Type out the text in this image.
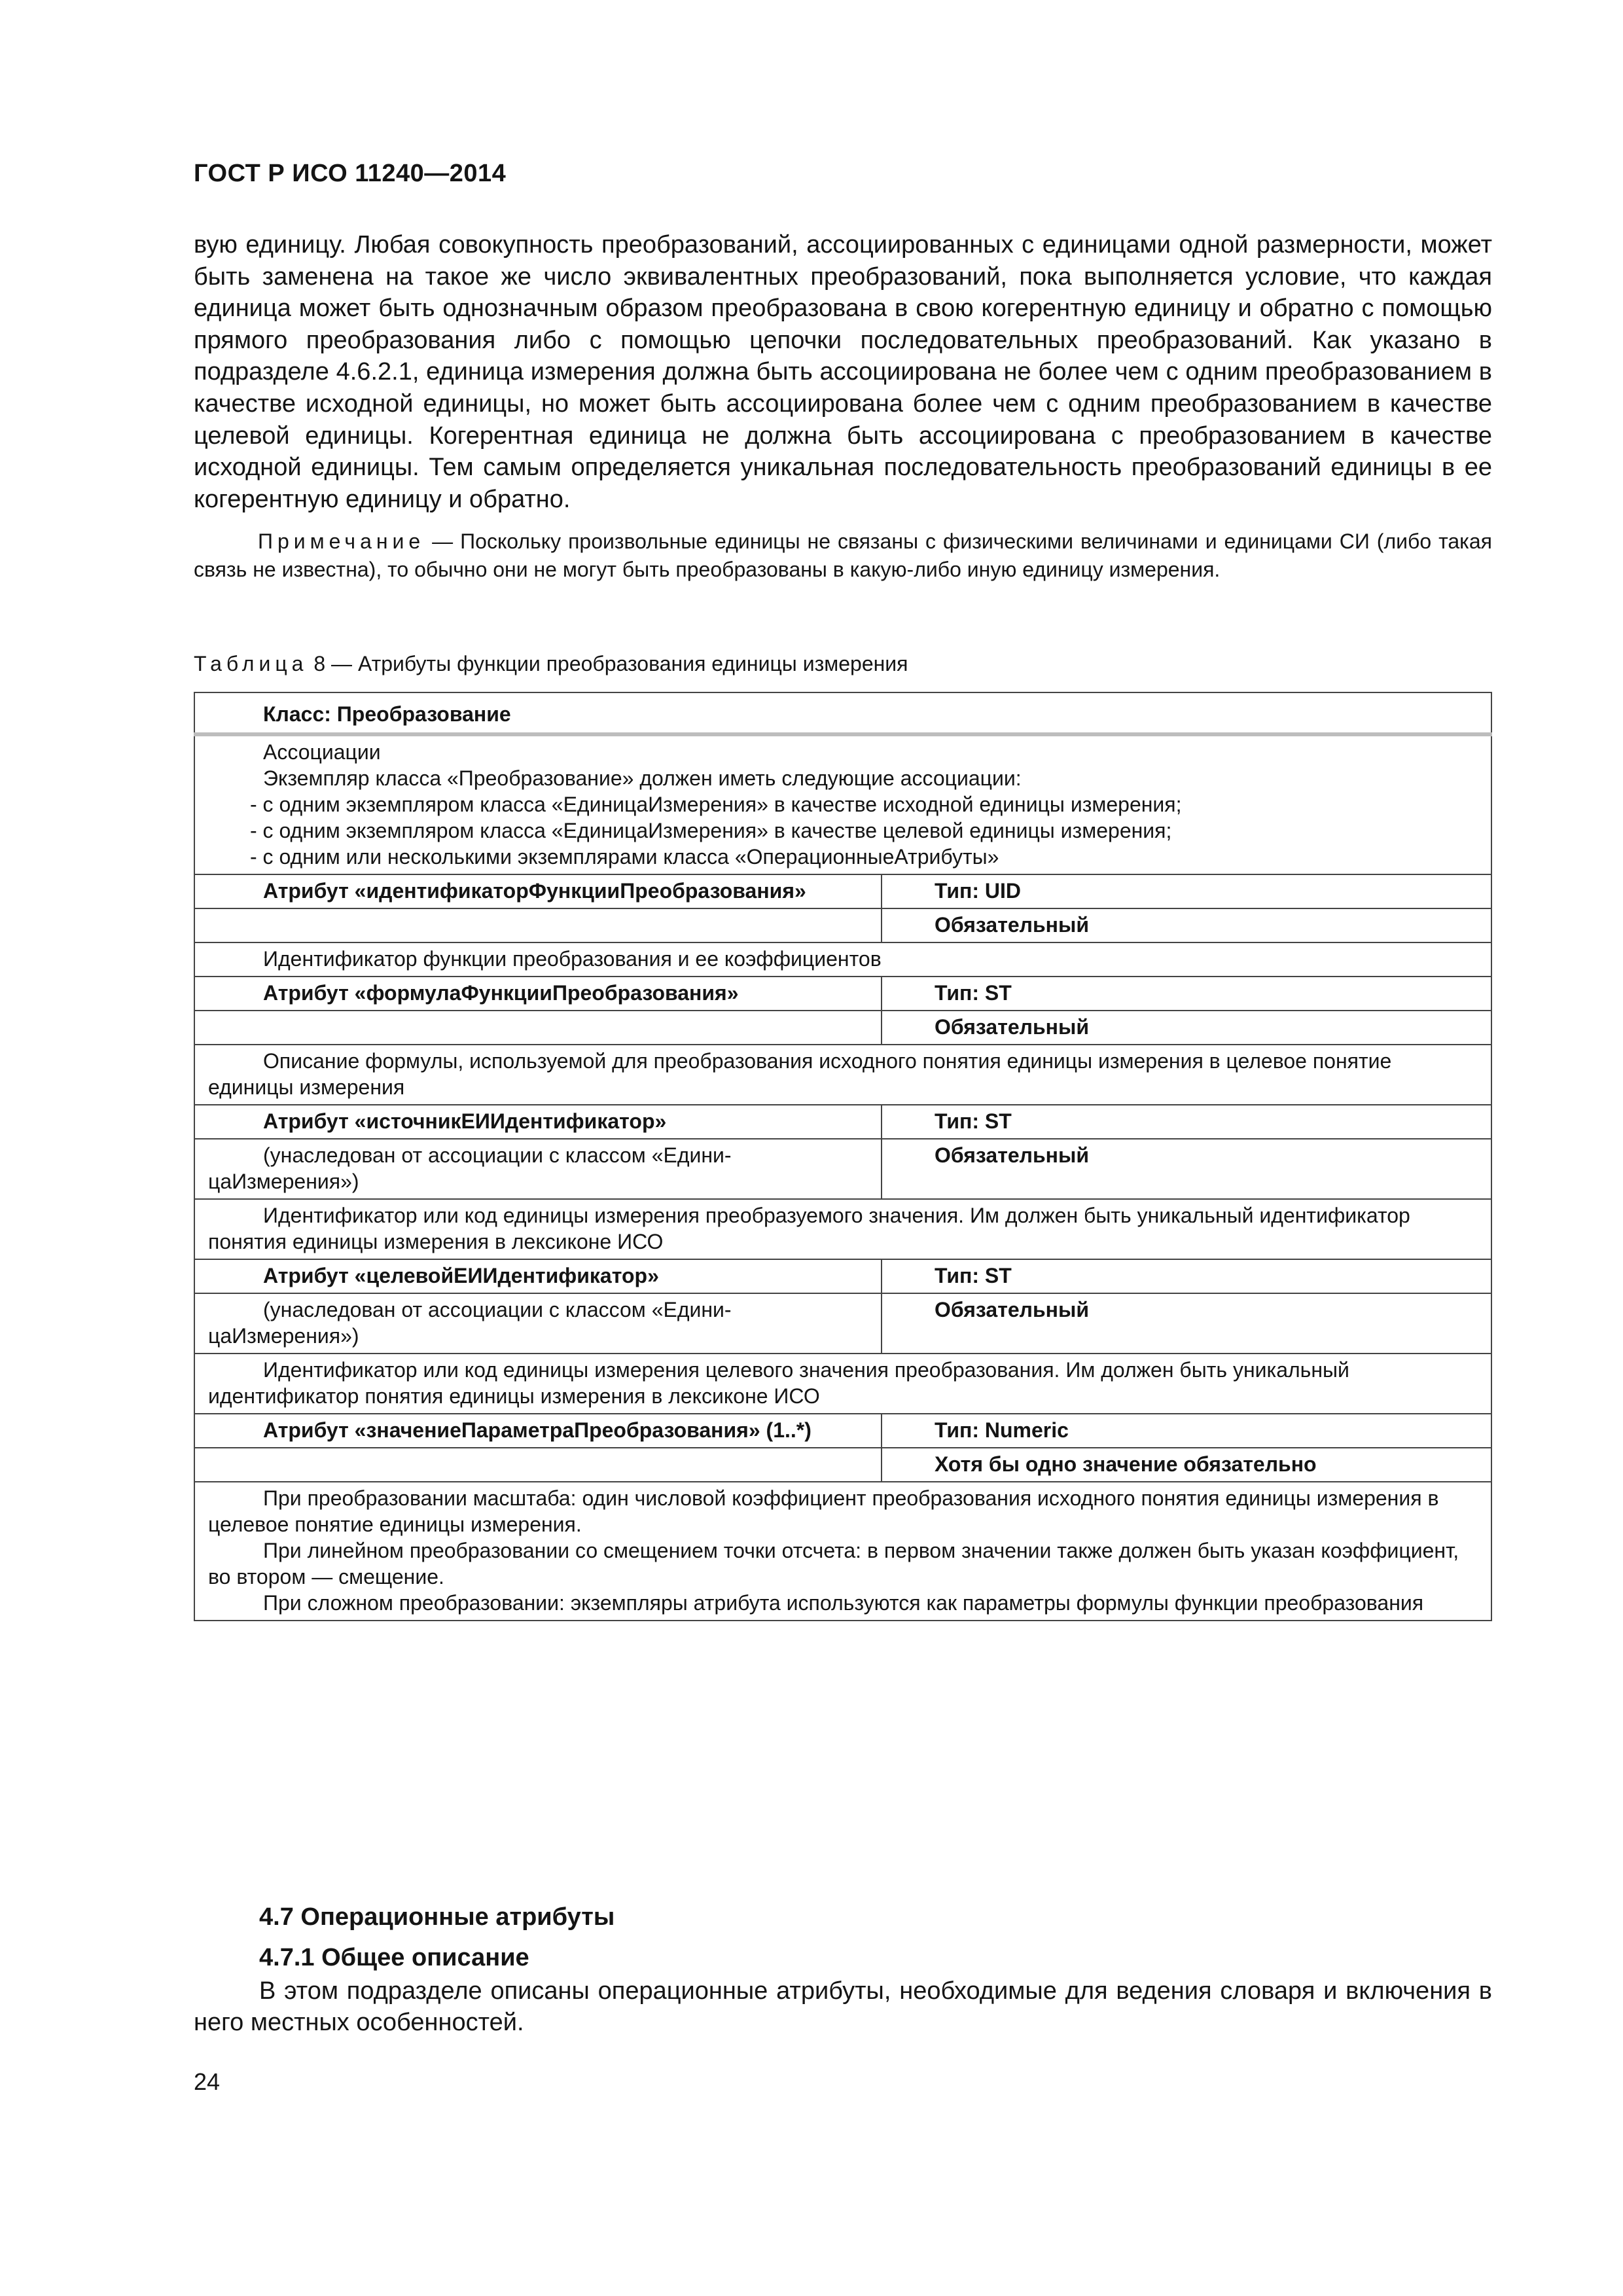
ГОСТ Р ИСО 11240—2014

вую единицу. Любая совокупность преобразований, ассоциированных с единицами одной размерности, может быть заменена на такое же число эквивалентных преобразований, пока выполняется условие, что каждая единица может быть однозначным образом преобразована в свою когерентную единицу и обратно с помощью прямого преобразования либо с помощью цепочки последовательных преобразований. Как указано в подразделе 4.6.2.1, единица измерения должна быть ассоциирована не более чем с одним преобразованием в качестве исходной единицы, но может быть ассоциирована более чем с одним преобразованием в качестве целевой единицы. Когерентная единица не должна быть ассоциирована с преобразованием в качестве исходной единицы. Тем самым определяется уникальная последовательность преобразований единицы в ее когерентную единицу и обратно.

Примечание — Поскольку произвольные единицы не связаны с физическими величинами и единицами СИ (либо такая связь не известна), то обычно они не могут быть преобразованы в какую-либо иную единицу измерения.

Таблица 8 — Атрибуты функции преобразования единицы измерения
Класс: Преобразование	

Ассоциации
Экземпляр класса «Преобразование» должен иметь следующие ассоциации:
- с одним экземпляром класса «ЕдиницаИзмерения» в качестве исходной единицы измерения;
- с одним экземпляром класса «ЕдиницаИзмерения» в качестве целевой единицы измерения;
- с одним или несколькими экземплярами класса «ОперационныеАтрибуты»

Атрибут «идентификаторФункцииПреобразования»	Тип: UID

	Обязательный

Идентификатор функции преобразования и ее коэффициентов	

Атрибут «формулаФункцииПреобразования»	Тип: ST

	Обязательный

Описание формулы, используемой для преобразования исходного понятия единицы измерения в целевое понятие единицы измерения	

Атрибут «источникЕИИдентификатор»	Тип: ST

(унаследован от ассоциации с классом «ЕдиницаИзмерения»)	Обязательный

Идентификатор или код единицы измерения преобразуемого значения. Им должен быть уникальный идентификатор понятия единицы измерения в лексиконе ИСО	

Атрибут «целевойЕИИдентификатор»	Тип: ST

(унаследован от ассоциации с классом «ЕдиницаИзмерения»)	Обязательный

Идентификатор или код единицы измерения целевого значения преобразования. Им должен быть уникальный идентификатор понятия единицы измерения в лексиконе ИСО	

Атрибут «значениеПараметраПреобразования» (1..*)	Тип: Numeric

	Хотя бы одно значение обязательно

При преобразовании масштаба: один числовой коэффициент преобразования исходного понятия единицы измерения в целевое понятие единицы измерения.
При линейном преобразовании со смещением точки отсчета: в первом значении также должен быть указан коэффициент, во втором — смещение.
При сложном преобразовании: экземпляры атрибута используются как параметры формулы функции преобразования	
4.7 Операционные атрибуты
4.7.1 Общее описание

В этом подразделе описаны операционные атрибуты, необходимые для ведения словаря и включения в него местных особенностей.

24
